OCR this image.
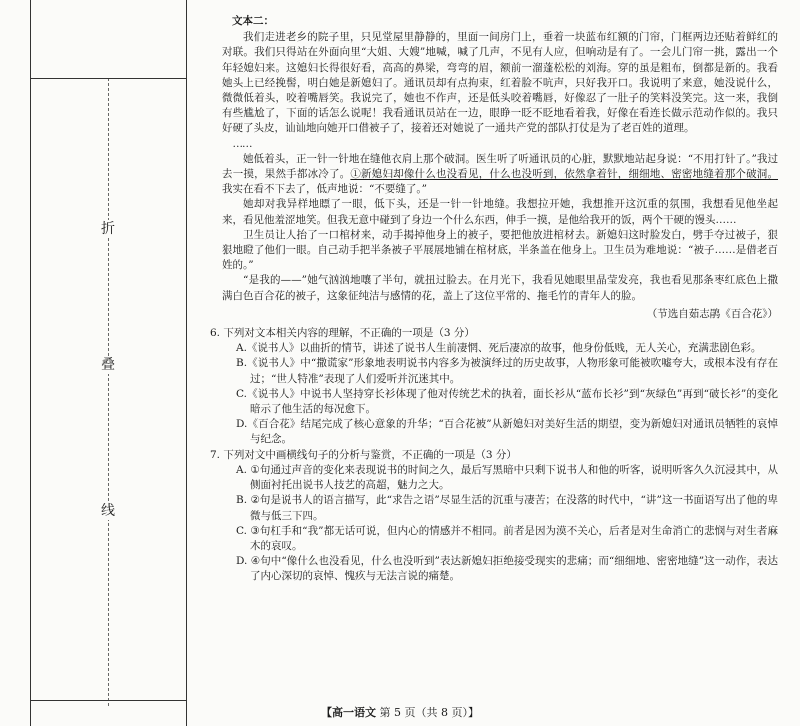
折
叠
线
文本二：

我们走进老乡的院子里，只见堂屋里静静的，里面一间房门上，垂着一块蓝布红额的门帘，门框两边还贴着鲜红的对联。我们只得站在外面向里“大姐、大嫂”地喊，喊了几声，不见有人应，但响动是有了。一会儿门帘一挑，露出一个年轻媳妇来。这媳妇长得很好看，高高的鼻梁，弯弯的眉，额前一溜蓬松松的刘海。穿的虽是粗布，倒都是新的。我看她头上已经挽髻，明白她是新媳妇了。通讯员却有点拘束，红着脸不吭声，只好我开口。我说明了来意，她没说什么，微微低着头，咬着嘴唇笑。我说完了，她也不作声，还是低头咬着嘴唇，好像忍了一肚子的笑料没笑完。这一来，我倒有些尴尬了，下面的话怎么说呢！我看通讯员站在一边，眼睁一眨不眨地看着我，好像在看连长做示范动作似的。我只好硬了头皮，讪讪地向她开口借被子了，接着还对她说了一通共产党的部队打仗是为了老百姓的道理。

……

她低着头，正一针一针地在缝他衣肩上那个破洞。医生听了听通讯员的心脏，默默地站起身说：“不用打针了。”我过去一摸，果然手都冰冷了。①新媳妇却像什么也没看见，什么也没听到，依然拿着针，细细地、密密地缝着那个破洞。我实在看不下去了，低声地说：“不要缝了。”

她却对我异样地瞟了一眼，低下头，还是一针一针地缝。我想拉开她，我想推开这沉重的氛围，我想看见他坐起来，看见他羞涩地笑。但我无意中碰到了身边一个什么东西，伸手一摸，是他给我开的饭，两个干硬的馒头……

卫生员让人抬了一口棺材来，动手揭掉他身上的被子，要把他放进棺材去。新媳妇这时脸发白，劈手夺过被子，狠狠地瞪了他们一眼。自己动手把半条被子平展展地铺在棺材底，半条盖在他身上。卫生员为难地说：“被子……是借老百姓的。”

“是我的——”她气汹汹地嚷了半句，就扭过脸去。在月光下，我看见她眼里晶莹发亮，我也看见那条枣红底色上撒满白色百合花的被子，这象征纯洁与感情的花，盖上了这位平常的、拖毛竹的青年人的脸。

（节选自茹志鹃《百合花》）

6. 下列对文本相关内容的理解，不正确的一项是（3 分）

A.《说书人》以曲折的情节，讲述了说书人生前凄惘、死后凄凉的故事，他身份低贱，无人关心，充满悲剧色彩。

B.《说书人》中“撒谎家”形象地表明说书内容多为被演绎过的历史故事，人物形象可能被吹嘘夸大，或根本没有存在过；“世人特准”表现了人们爱听并沉迷其中。

C.《说书人》中说书人坚持穿长衫体现了他对传统艺术的执着，面长衫从“蓝布长衫”到“灰绿色”再到“破长衫”的变化暗示了他生活的每况愈下。

D.《百合花》结尾完成了核心意象的升华；“百合花被”从新媳妇对美好生活的期望，变为新媳妇对通讯员牺牲的哀悼与纪念。

7. 下列对文中画横线句子的分析与鉴赏，不正确的一项是（3 分）

A. ①句通过声音的变化来表现说书的时间之久，最后写黑暗中只剩下说书人和他的听客，说明听客久久沉浸其中，从侧面衬托出说书人技艺的高超，魅力之大。

B. ②句是说书人的语言描写，此“求告之语”尽显生活的沉重与凄苦；在没落的时代中，“讲”这一书面语写出了他的卑微与低三下四。

C. ③句杠手和“我”都无话可说，但内心的情感并不相同。前者是因为漠不关心，后者是对生命消亡的悲悯与对生者麻木的哀叹。

D. ④句中“像什么也没看见，什么也没听到”表达新媳妇拒绝接受现实的悲痛；而“细细地、密密地缝”这一动作，表达了内心深切的哀悼、愧疚与无法言说的痛楚。

【高一语文 第 5 页（共 8 页）】
